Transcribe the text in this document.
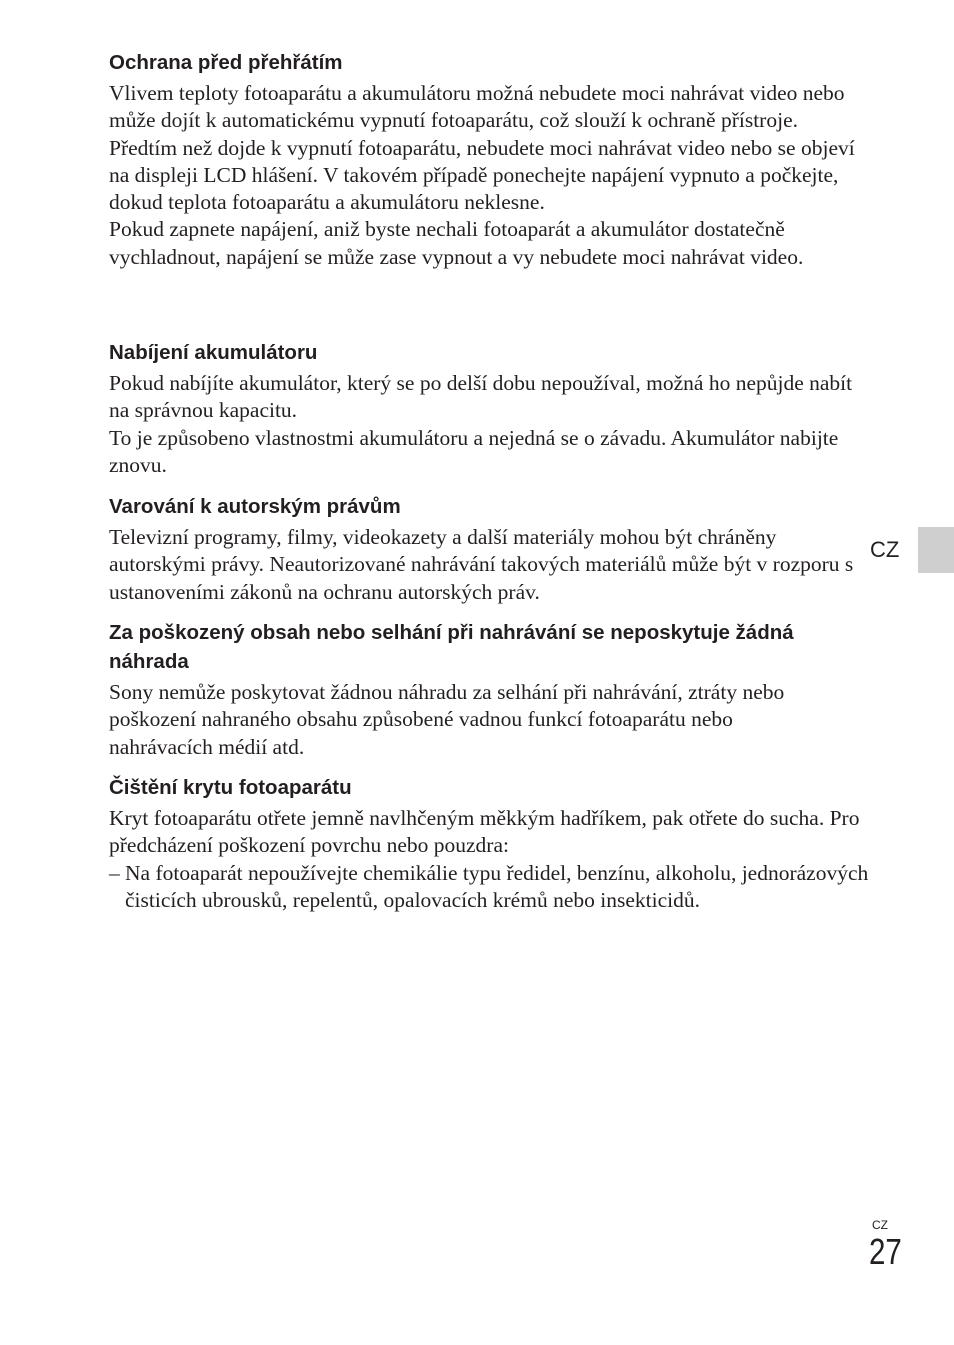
Ochrana před přehřátím

Vlivem teploty fotoaparátu a akumulátoru možná nebudete moci nahrávat video nebo může dojít k automatickému vypnutí fotoaparátu, což slouží k ochraně přístroje.

Předtím než dojde k vypnutí fotoaparátu, nebudete moci nahrávat video nebo se objeví na displeji LCD hlášení. V takovém případě ponechejte napájení vypnuto a počkejte, dokud teplota fotoaparátu a akumulátoru neklesne.

Pokud zapnete napájení, aniž byste nechali fotoaparát a akumulátor dostatečně vychladnout, napájení se může zase vypnout a vy nebudete moci nahrávat video.

Nabíjení akumulátoru

Pokud nabíjíte akumulátor, který se po delší dobu nepoužíval, možná ho nepůjde nabít na správnou kapacitu.

To je způsobeno vlastnostmi akumulátoru a nejedná se o závadu. Akumulátor nabijte znovu.

Varování k autorským právům

Televizní programy, filmy, videokazety a další materiály mohou být chráněny autorskými právy. Neautorizované nahrávání takových materiálů může být v rozporu s ustanoveními zákonů na ochranu autorských práv.

Za poškozený obsah nebo selhání při nahrávání se neposkytuje žádná náhrada

Sony nemůže poskytovat žádnou náhradu za selhání při nahrávání, ztráty nebo poškození nahraného obsahu způsobené vadnou funkcí fotoaparátu nebo nahrávacích médií atd.

Čištění krytu fotoaparátu

Kryt fotoaparátu otřete jemně navlhčeným měkkým hadříkem, pak otřete do sucha. Pro předcházení poškození povrchu nebo pouzdra:

– Na fotoaparát nepoužívejte chemikálie typu ředidel, benzínu, alkoholu, jednorázových čisticích ubrousků, repelentů, opalovacích krémů nebo insekticidů.
CZ
CZ
27
